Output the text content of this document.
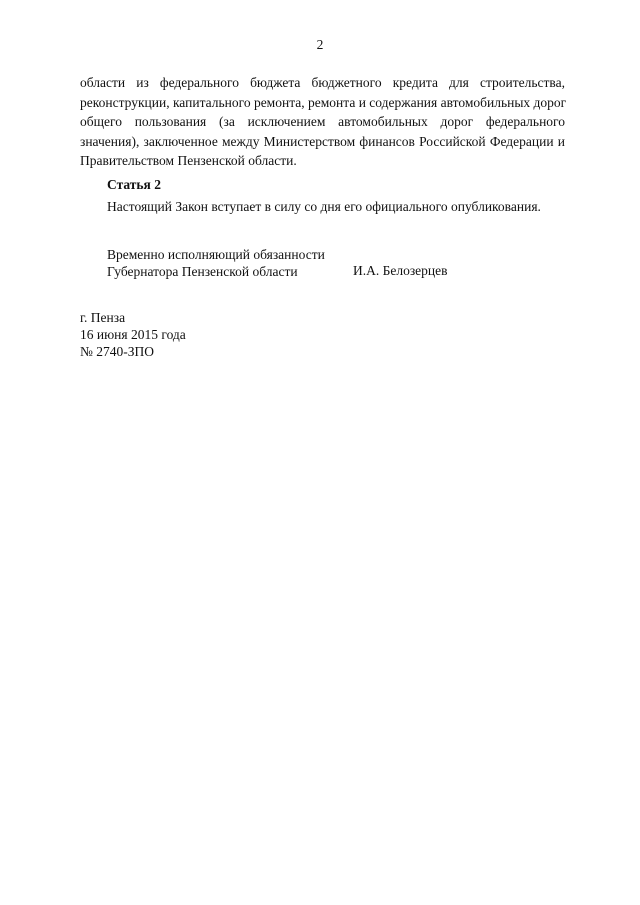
2
области из федерального бюджета бюджетного кредита для строительства,
реконструкции, капитального ремонта, ремонта и содержания автомобильных дорог
общего пользования (за исключением автомобильных дорог федерального
значения), заключенное между Министерством финансов Российской Федерации и
Правительством Пензенской области.
Статья 2
Настоящий Закон вступает в силу со дня его официального опубликования.
Временно исполняющий обязанности
Губернатора Пензенской области	И.А. Белозерцев
г. Пенза
16 июня 2015 года
№ 2740-ЗПО
